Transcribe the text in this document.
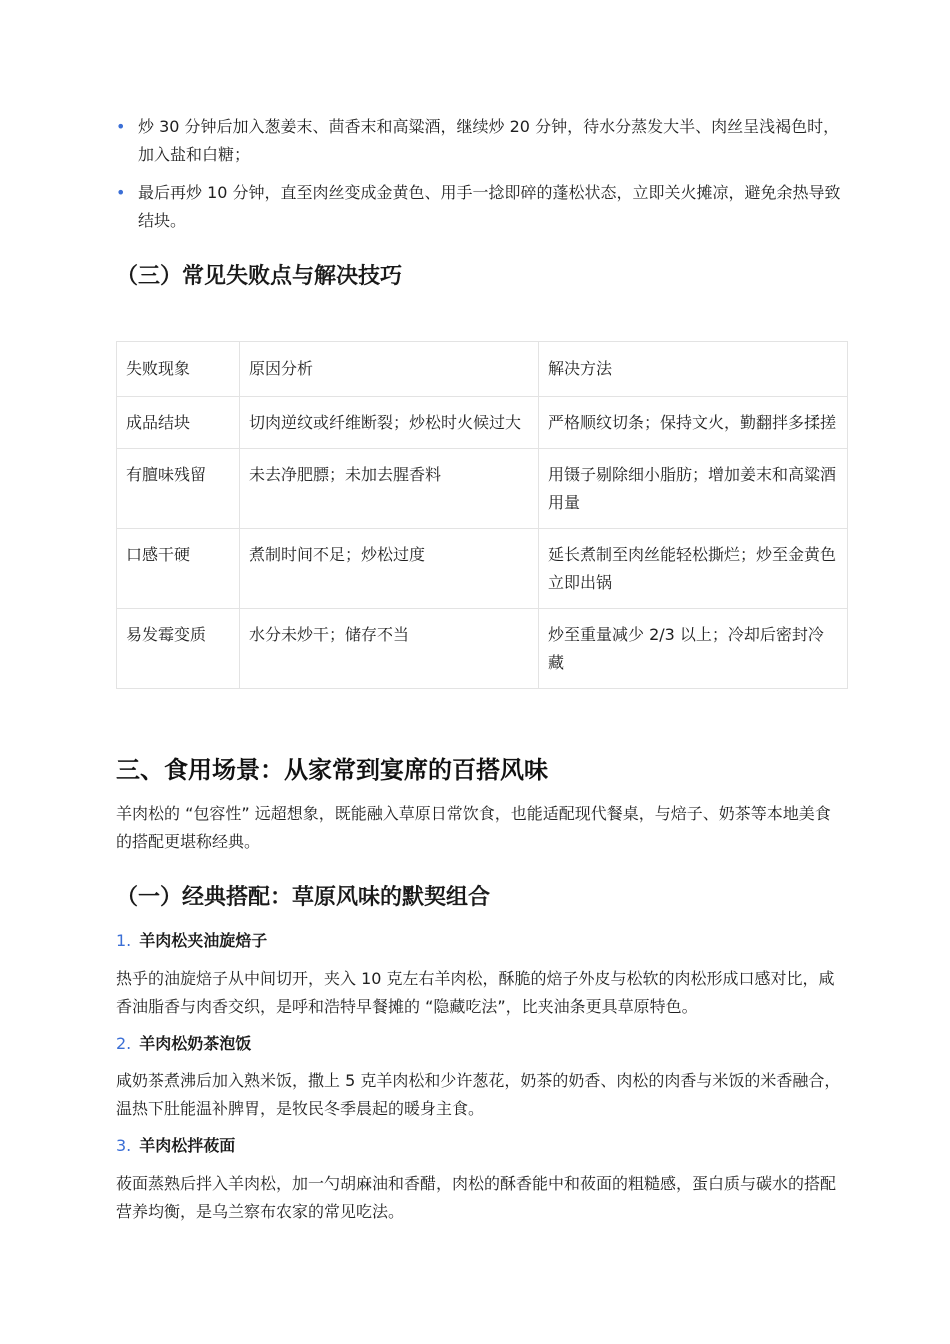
• 炒 30 分钟后加入葱姜末、茴香末和高粱酒，继续炒 20 分钟，待水分蒸发大半、肉丝呈浅褐色时，加入盐和白糖；
• 最后再炒 10 分钟，直至肉丝变成金黄色、用手一捻即碎的蓬松状态，立即关火摊凉，避免余热导致结块。
（三）常见失败点与解决技巧
失败现象	原因分析	解决方法
成品结块	切肉逆纹或纤维断裂；炒松时火候过大	严格顺纹切条；保持文火，勤翻拌多揉搓
有膻味残留	未去净肥膘；未加去腥香料	用镊子剔除细小脂肪；增加姜末和高粱酒用量
口感干硬	煮制时间不足；炒松过度	延长煮制至肉丝能轻松撕烂；炒至金黄色立即出锅
易发霉变质	水分未炒干；储存不当	炒至重量减少 2/3 以上；冷却后密封冷藏
三、食用场景：从家常到宴席的百搭风味

羊肉松的 “包容性” 远超想象，既能融入草原日常饮食，也能适配现代餐桌，与焙子、奶茶等本地美食的搭配更堪称经典。

（一）经典搭配：草原风味的默契组合
1. 羊肉松夹油旋焙子

热乎的油旋焙子从中间切开，夹入 10 克左右羊肉松，酥脆的焙子外皮与松软的肉松形成口感对比，咸香油脂香与肉香交织，是呼和浩特早餐摊的 “隐藏吃法”，比夹油条更具草原特色。

2. 羊肉松奶茶泡饭

咸奶茶煮沸后加入熟米饭，撒上 5 克羊肉松和少许葱花，奶茶的奶香、肉松的肉香与米饭的米香融合，温热下肚能温补脾胃，是牧民冬季晨起的暖身主食。

3. 羊肉松拌莜面

莜面蒸熟后拌入羊肉松，加一勺胡麻油和香醋，肉松的酥香能中和莜面的粗糙感，蛋白质与碳水的搭配营养均衡，是乌兰察布农家的常见吃法。
